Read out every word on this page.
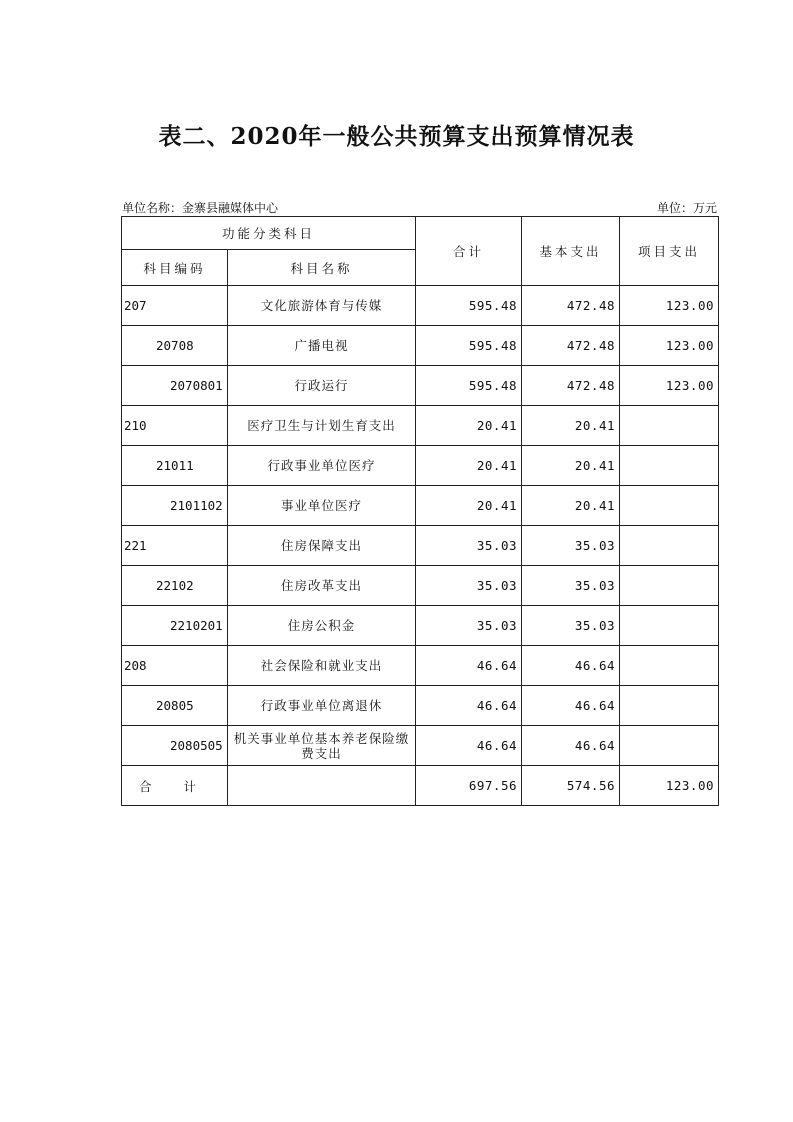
表二、2020年一般公共预算支出预算情况表
单位名称：金寨县融媒体中心	单位：万元
功能分类科日		合计	基本支出	项目支出
科目编码	科目名称			
207	文化旅游体育与传媒	595.48	472.48	123.00
20708	广播电视	595.48	472.48	123.00
2070801	行政运行	595.48	472.48	123.00
210	医疗卫生与计划生育支出	20.41	20.41	
21011	行政事业单位医疗	20.41	20.41	
2101102	事业单位医疗	20.41	20.41	
221	住房保障支出	35.03	35.03	
22102	住房改革支出	35.03	35.03	
2210201	住房公积金	35.03	35.03	
208	社会保险和就业支出	46.64	46.64	
20805	行政事业单位离退休	46.64	46.64	
2080505	机关事业单位基本养老保险缴费支出	46.64	46.64	
合 计		697.56	574.56	123.00
